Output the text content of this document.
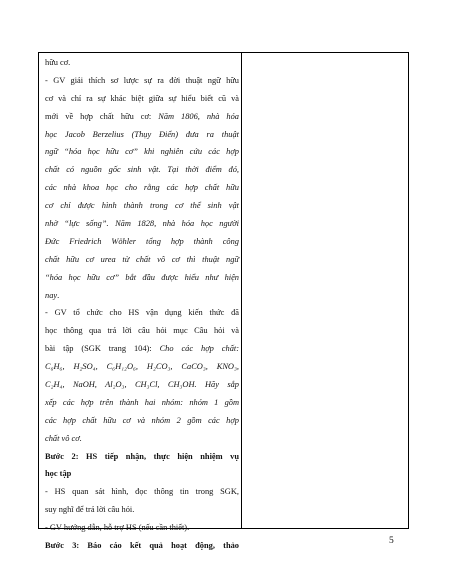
hữu cơ.
- GV giải thích sơ lược sự ra đời thuật ngữ hữu
cơ và chỉ ra sự khác biệt giữa sự hiểu biết cũ và
mới về hợp chất hữu cơ: Năm 1806, nhà hóa
học Jacob Berzelius (Thụy Điển) đưa ra thuật
ngữ “hóa học hữu cơ” khi nghiên cứu các hợp
chất có nguồn gốc sinh vật. Tại thời điểm đó,
các nhà khoa học cho rằng các hợp chất hữu
cơ chỉ được hình thành trong cơ thể sinh vật
nhờ “lực sống”. Năm 1828, nhà hóa học người
Đức Friedrich Wöhler tổng hợp thành công
chất hữu cơ urea từ chất vô cơ thì thuật ngữ
“hóa học hữu cơ” bắt đầu được hiểu như hiện
nay.
- GV tổ chức cho HS vận dụng kiến thức đã
học thông qua trả lời câu hỏi mục Câu hỏi và
bài tập (SGK trang 104): Cho các hợp chất:
C₆H₆, H₂SO₄, C₆H₁₂O₆, H₂CO₃, CaCO₃, KNO₃,
C₂H₄, NaOH, Al₂O₃, CH₃Cl, CH₃OH. Hãy sắp
xếp các hợp trên thành hai nhóm: nhóm 1 gồm
các hợp chất hữu cơ và nhóm 2 gồm các hợp
chất vô cơ.
Bước 2: HS tiếp nhận, thực hiện nhiệm vụ
học tập
- HS quan sát hình, đọc thông tin trong SGK,
suy nghĩ để trả lời câu hỏi.
- GV hướng dẫn, hỗ trợ HS (nếu cần thiết).
Bước 3: Báo cáo kết quả hoạt động, thảo	5
